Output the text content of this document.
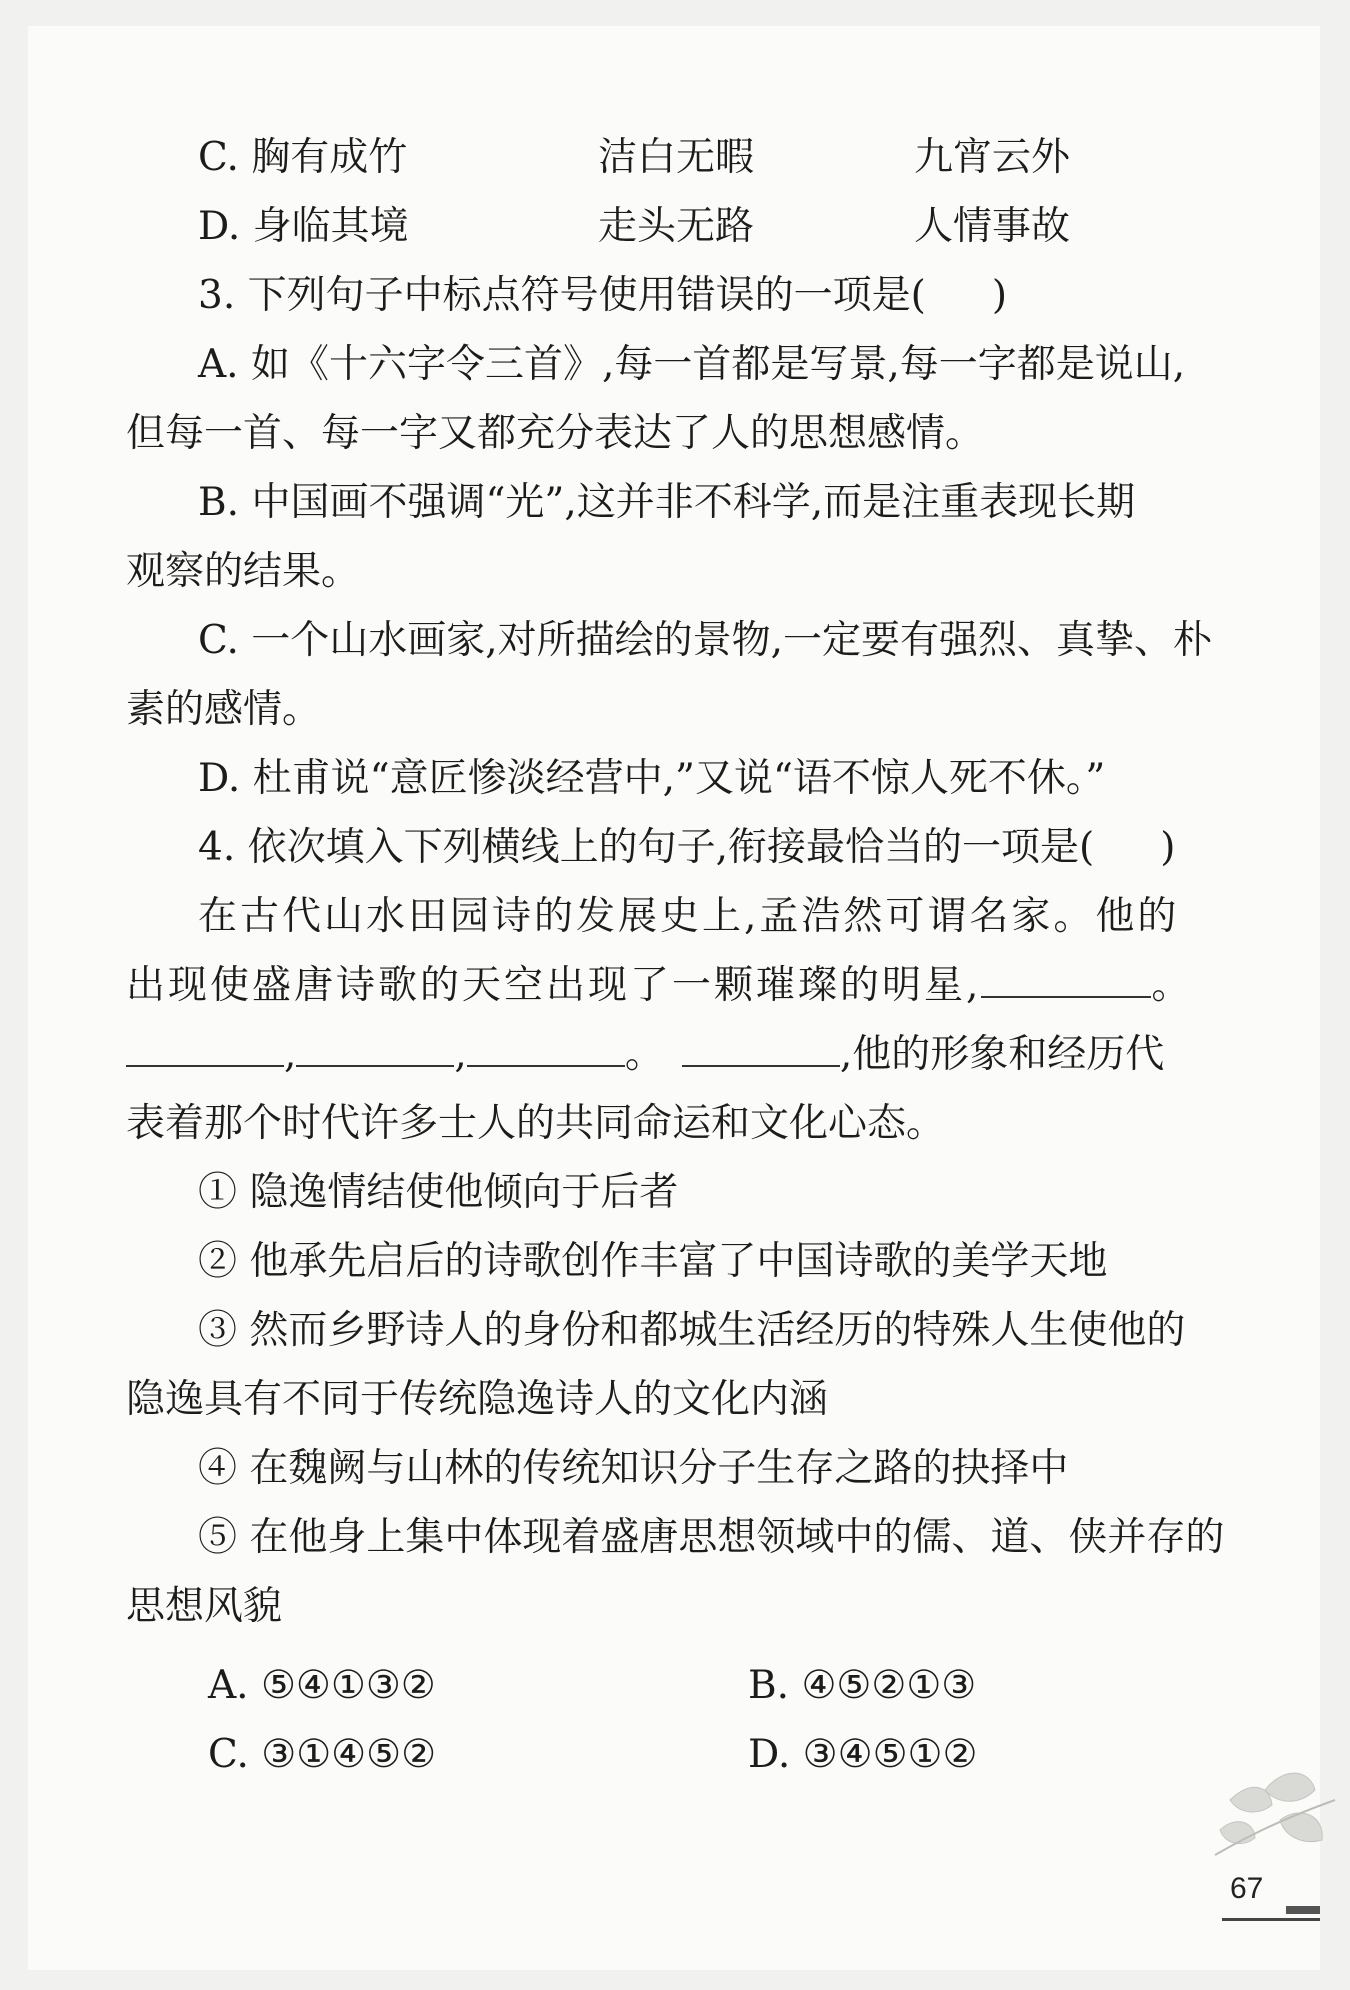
C. 胸有成竹	洁白无暇	九宵云外
D. 身临其境	走头无路	人情事故
3. 下列句子中标点符号使用错误的一项是( )
A. 如《十六字令三首》,每一首都是写景,每一字都是说山,
但每一首、每一字又都充分表达了人的思想感情。
B. 中国画不强调“光”,这并非不科学,而是注重表现长期
观察的结果。
C. 一个山水画家,对所描绘的景物,一定要有强烈、真挚、朴
素的感情。
D. 杜甫说“意匠惨淡经营中,”又说“语不惊人死不休。”
4. 依次填入下列横线上的句子,衔接最恰当的一项是( )
在古代山水田园诗的发展史上,孟浩然可谓名家。他的
出现使盛唐诗歌的天空出现了一颗璀璨的明星,	。
,	,	。	,他的形象和经历代
表着那个时代许多士人的共同命运和文化心态。
① 隐逸情结使他倾向于后者
② 他承先启后的诗歌创作丰富了中国诗歌的美学天地
③ 然而乡野诗人的身份和都城生活经历的特殊人生使他的
隐逸具有不同于传统隐逸诗人的文化内涵
④ 在魏阙与山林的传统知识分子生存之路的抉择中
⑤ 在他身上集中体现着盛唐思想领域中的儒、道、侠并存的
思想风貌
A. ⑤④①③②	B. ④⑤②①③
C. ③①④⑤②	D. ③④⑤①②
67
